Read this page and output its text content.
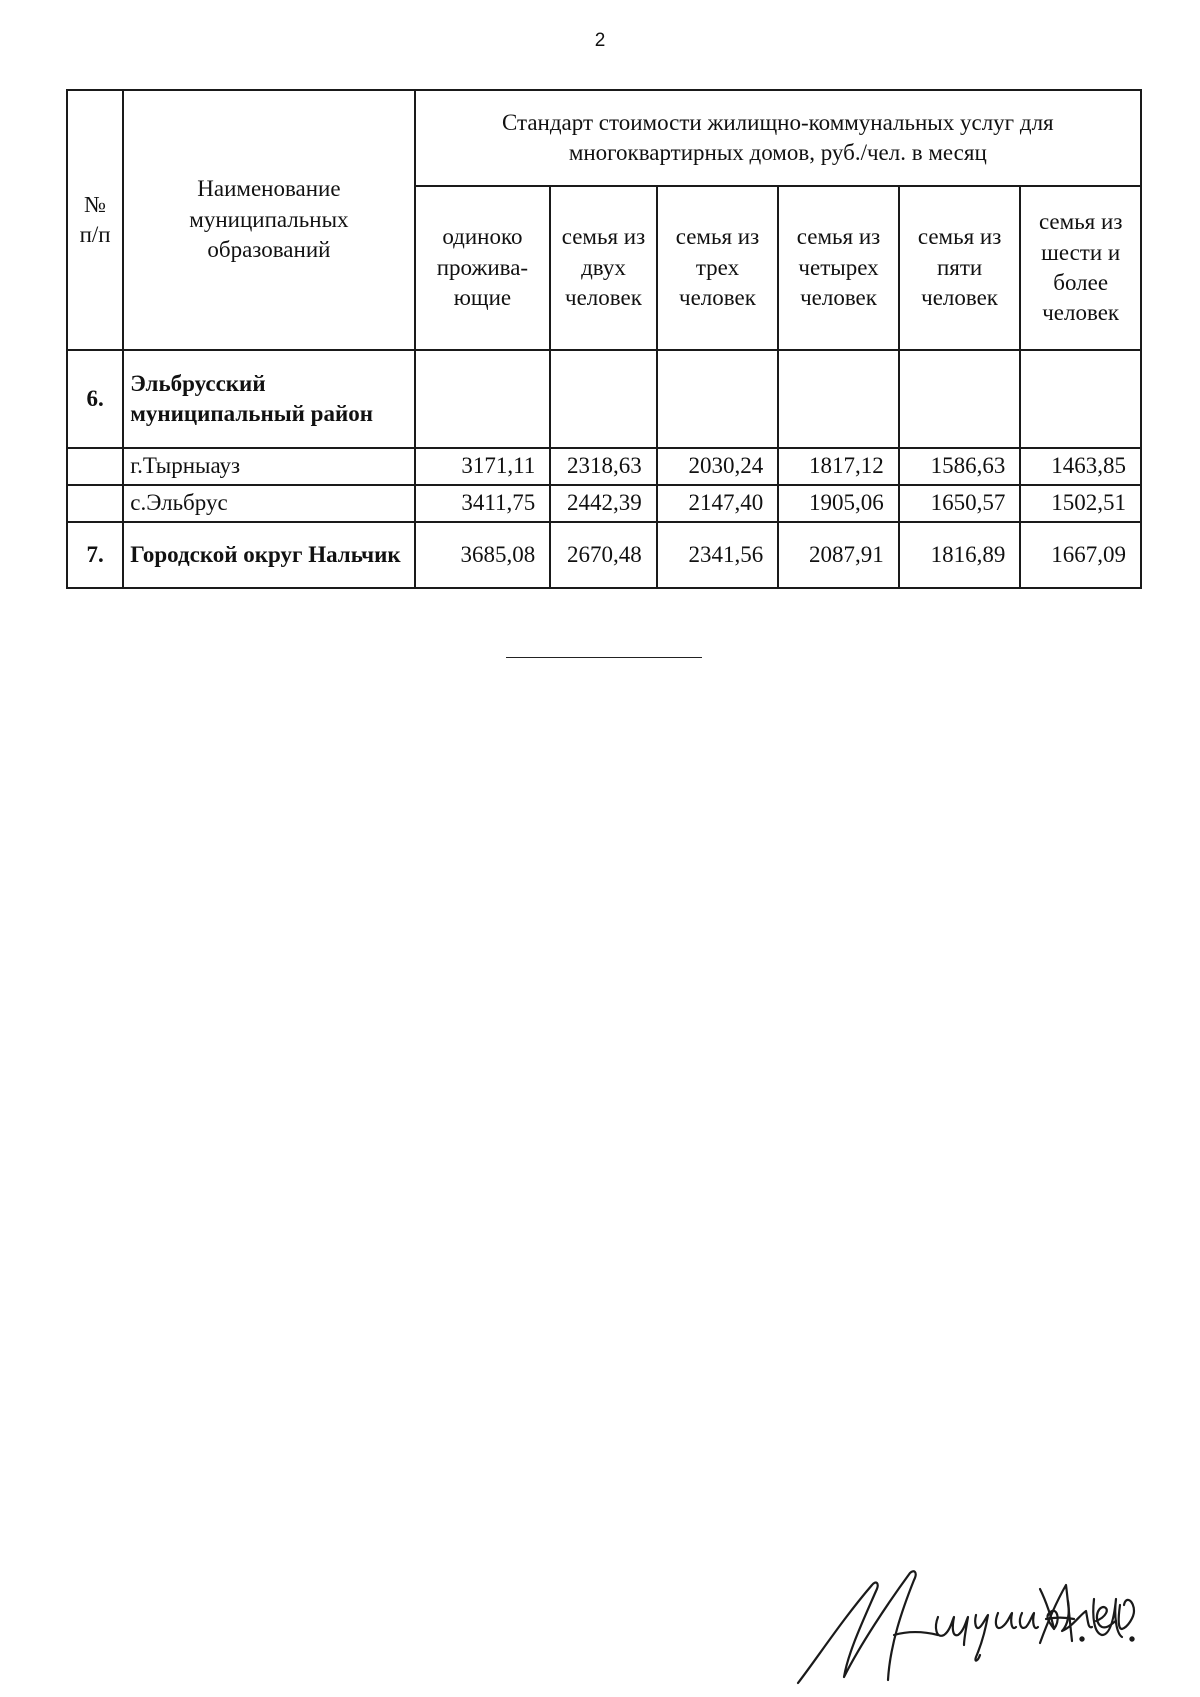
2
№ п/п	Наименование муниципальных образований	Стандарт стоимости жилищно-коммунальных услуг для многоквартирных домов, руб./чел. в месяц					
		одиноко прожива-ющие	семья из двух человек	семья из трех человек	семья из четырех человек	семья из пяти человек	семья из шести и более человек
6.	Эльбрусский муниципальный район						
	г.Тырныауз	3171,11	2318,63	2030,24	1817,12	1586,63	1463,85
	с.Эльбрус	3411,75	2442,39	2147,40	1905,06	1650,57	1502,51
7.	Городской округ Нальчик	3685,08	2670,48	2341,56	2087,91	1816,89	1667,09
